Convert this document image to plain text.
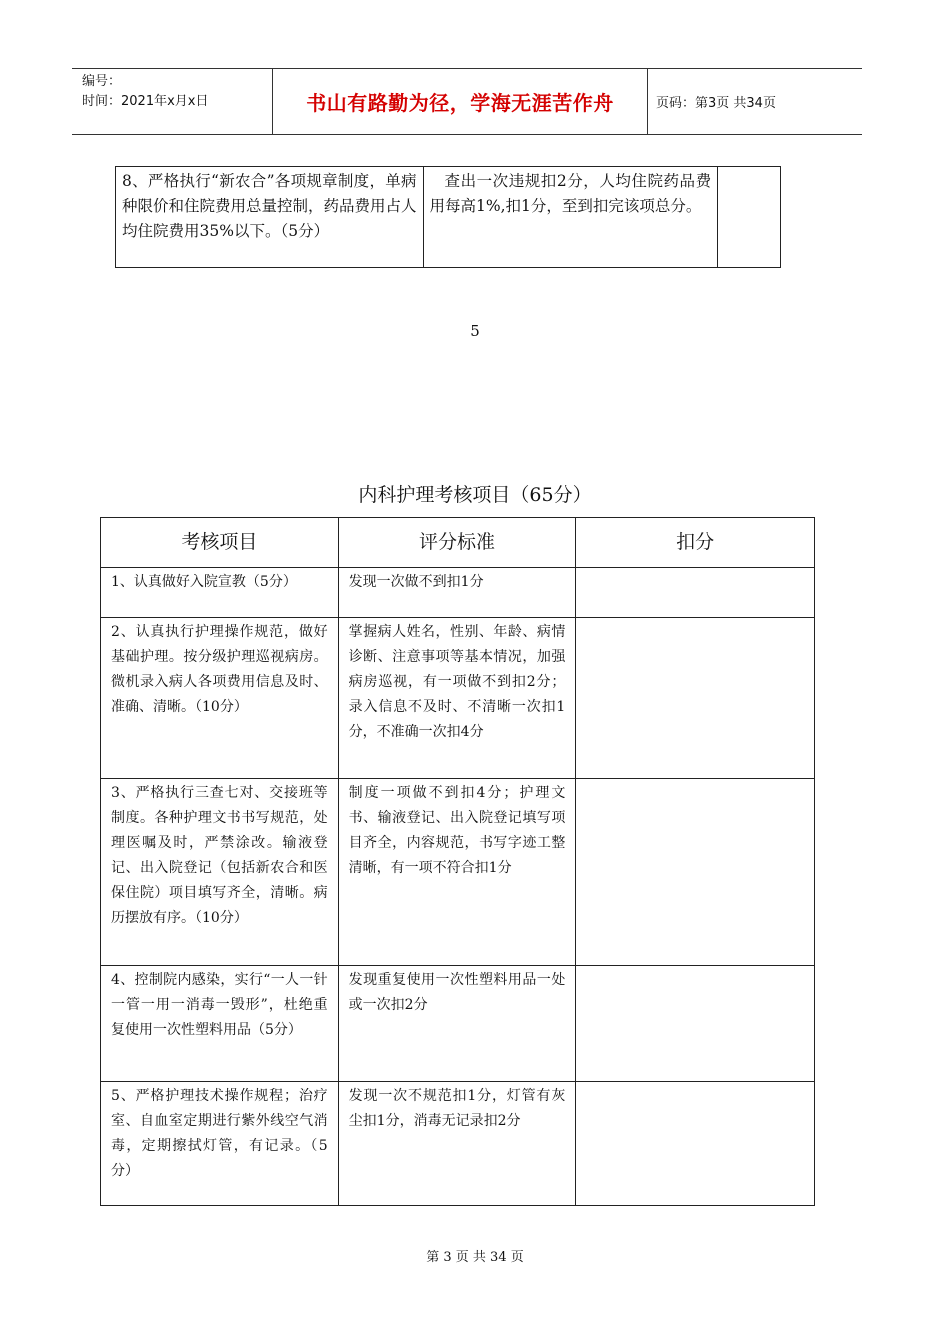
编号：
时间：2021年x月x日	书山有路勤为径，学海无涯苦作舟	页码：第3页 共34页
8、严格执行“新农合”各项规章制度，单病种限价和住院费用总量控制，药品费用占人均住院费用35%以下。（5分）	查出一次违规扣2分，人均住院药品费用每高1%,扣1分，至到扣完该项总分。	
5
内科护理考核项目（65分）
考核项目	评分标准	扣分
1、认真做好入院宣教（5分）	发现一次做不到扣1分	
2、认真执行护理操作规范，做好基础护理。按分级护理巡视病房。微机录入病人各项费用信息及时、准确、清晰。（10分）	掌握病人姓名，性别、年龄、病情诊断、注意事项等基本情况，加强病房巡视，有一项做不到扣2分；录入信息不及时、不清晰一次扣1分，不准确一次扣4分	
3、严格执行三查七对、交接班等制度。各种护理文书书写规范，处理医嘱及时，严禁涂改。输液登记、出入院登记（包括新农合和医保住院）项目填写齐全，清晰。病历摆放有序。（10分）	制度一项做不到扣4分；护理文书、输液登记、出入院登记填写项目齐全，内容规范，书写字迹工整清晰，有一项不符合扣1分	
4、控制院内感染，实行“一人一针一管一用一消毒一毁形”，杜绝重复使用一次性塑料用品（5分）	发现重复使用一次性塑料用品一处或一次扣2分	
5、严格护理技术操作规程；治疗室、自血室定期进行紫外线空气消毒，定期擦拭灯管，有记录。（5分）	发现一次不规范扣1分，灯管有灰尘扣1分，消毒无记录扣2分	
第 3 页 共 34 页
